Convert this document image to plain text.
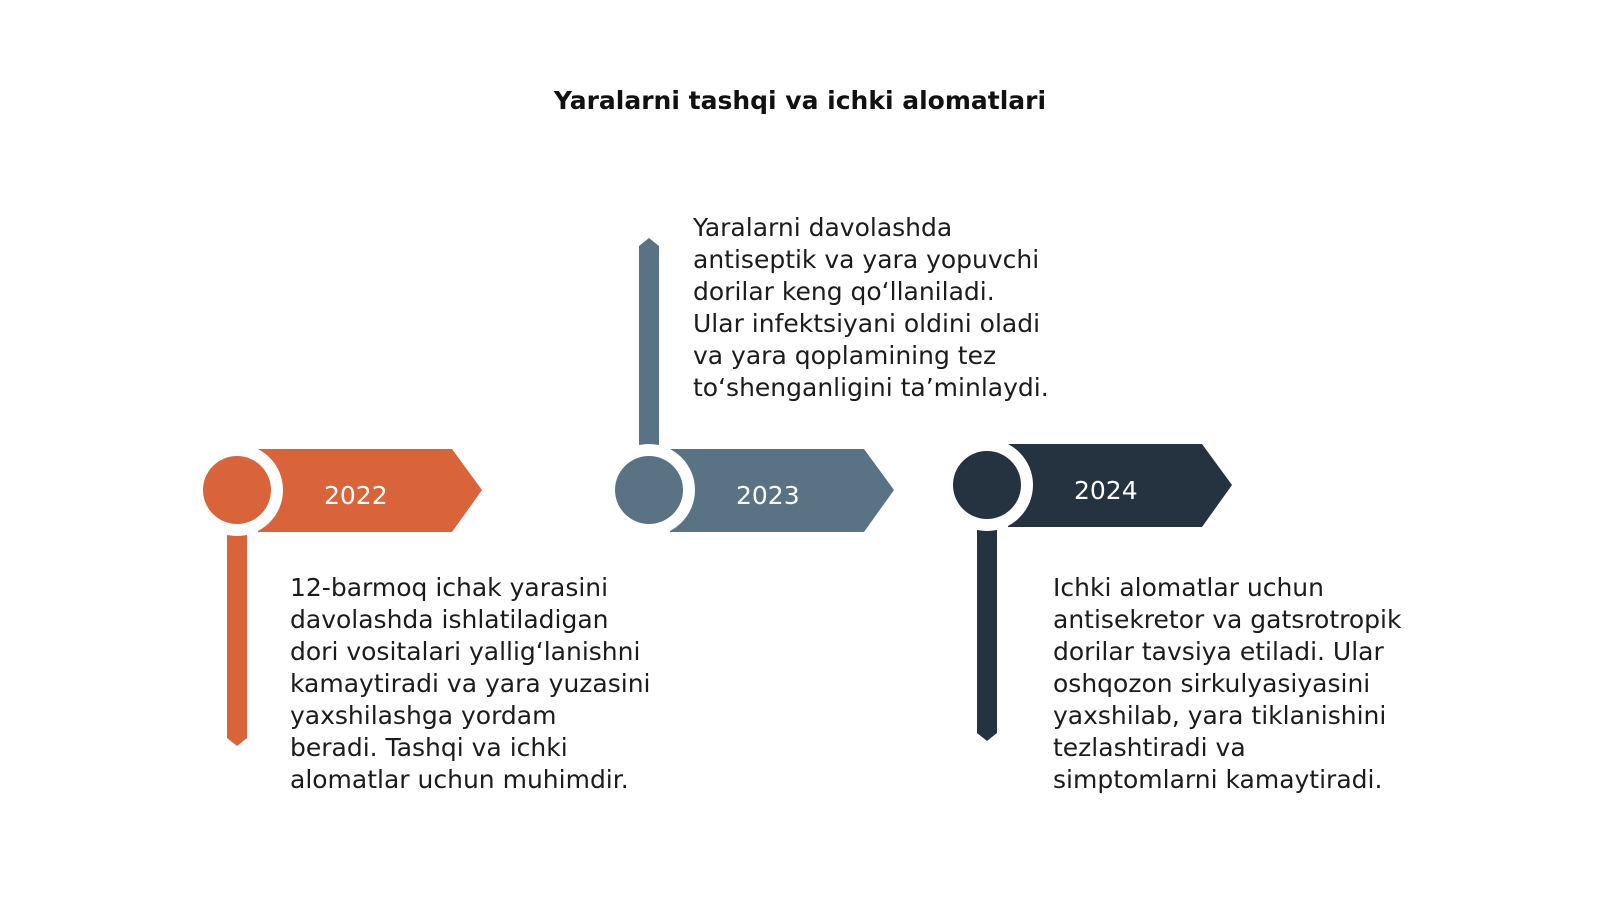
Yaralarni tashqi va ichki alomatlari
2022	2023	2024
12-barmoq ichak yarasini
davolashda ishlatiladigan
dori vositalari yallig‘lanishni
kamaytiradi va yara yuzasini
yaxshilashga yordam
beradi. Tashqi va ichki
alomatlar uchun muhimdir.
Yaralarni davolashda
antiseptik va yara yopuvchi
dorilar keng qo‘llaniladi.
Ular infektsiyani oldini oladi
va yara qoplamining tez
to‘shenganligini ta’minlaydi.
Ichki alomatlar uchun
antisekretor va gatsrotropik
dorilar tavsiya etiladi. Ular
oshqozon sirkulyasiyasini
yaxshilab, yara tiklanishini
tezlashtiradi va
simptomlarni kamaytiradi.
